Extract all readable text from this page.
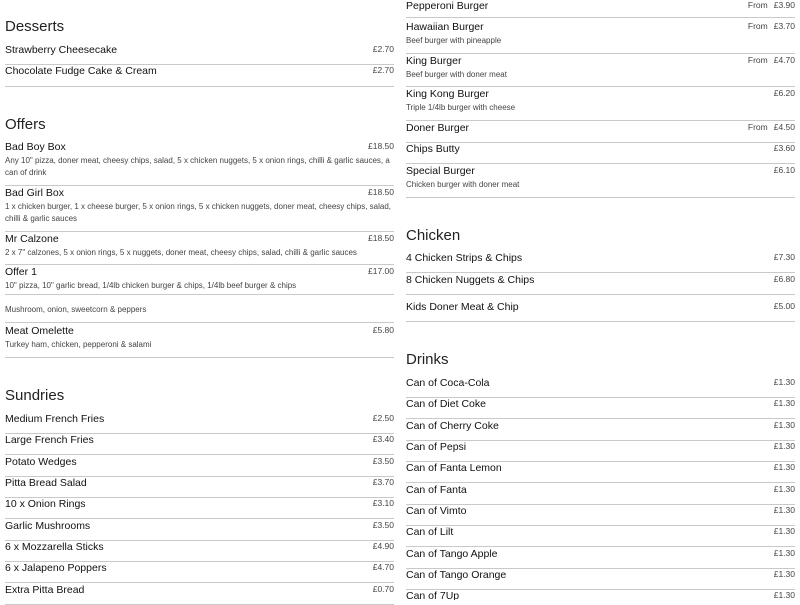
Desserts
Strawberry Cheesecake	£2.70
Chocolate Fudge Cake & Cream	£2.70
Offers
Bad Boy Box	£18.50
Any 10" pizza, doner meat, cheesy chips, salad, 5 x chicken nuggets, 5 x onion rings, chilli & garlic sauces, a can of drink
Bad Girl Box	£18.50
1 x chicken burger, 1 x cheese burger, 5 x onion rings, 5 x chicken nuggets, doner meat, cheesy chips, salad, chilli & garlic sauces
Mr Calzone	£18.50
2 x 7" calzones, 5 x onion rings, 5 x nuggets, doner meat, cheesy chips, salad, chilli & garlic sauces
Mushroom, onion, sweetcorn & peppers
Offer 1	£17.00
10" pizza, 10" garlic bread, 1/4lb chicken burger & chips, 1/4lb beef burger & chips
Meat Omelette	£5.80
Turkey ham, chicken, pepperoni & salami
Sundries
Medium French Fries	£2.50
Large French Fries	£3.40
Potato Wedges	£3.50
Pitta Bread Salad	£3.70
10 x Onion Rings	£3.10
Garlic Mushrooms	£3.50
6 x Mozzarella Sticks	£4.90
6 x Jalapeno Poppers	£4.70
Extra Pitta Bread	£0.70
Pepperoni Burger	From £3.90
Hawaiian Burger	From £3.70
Beef burger with pineapple
King Burger	From £4.70
Beef burger with doner meat
King Kong Burger	£6.20
Triple 1/4lb burger with cheese
Doner Burger	From £4.50
Chips Butty	£3.60
Special Burger	£6.10
Chicken burger with doner meat
Chicken
4 Chicken Strips & Chips	£7.30
8 Chicken Nuggets & Chips	£6.80
Kids Doner Meat & Chip	£5.00
Drinks
Can of Coca-Cola	£1.30
Can of Diet Coke	£1.30
Can of Cherry Coke	£1.30
Can of Pepsi	£1.30
Can of Fanta Lemon	£1.30
Can of Fanta	£1.30
Can of Vimto	£1.30
Can of Lilt	£1.30
Can of Tango Apple	£1.30
Can of Tango Orange	£1.30
Can of 7Up	£1.30
